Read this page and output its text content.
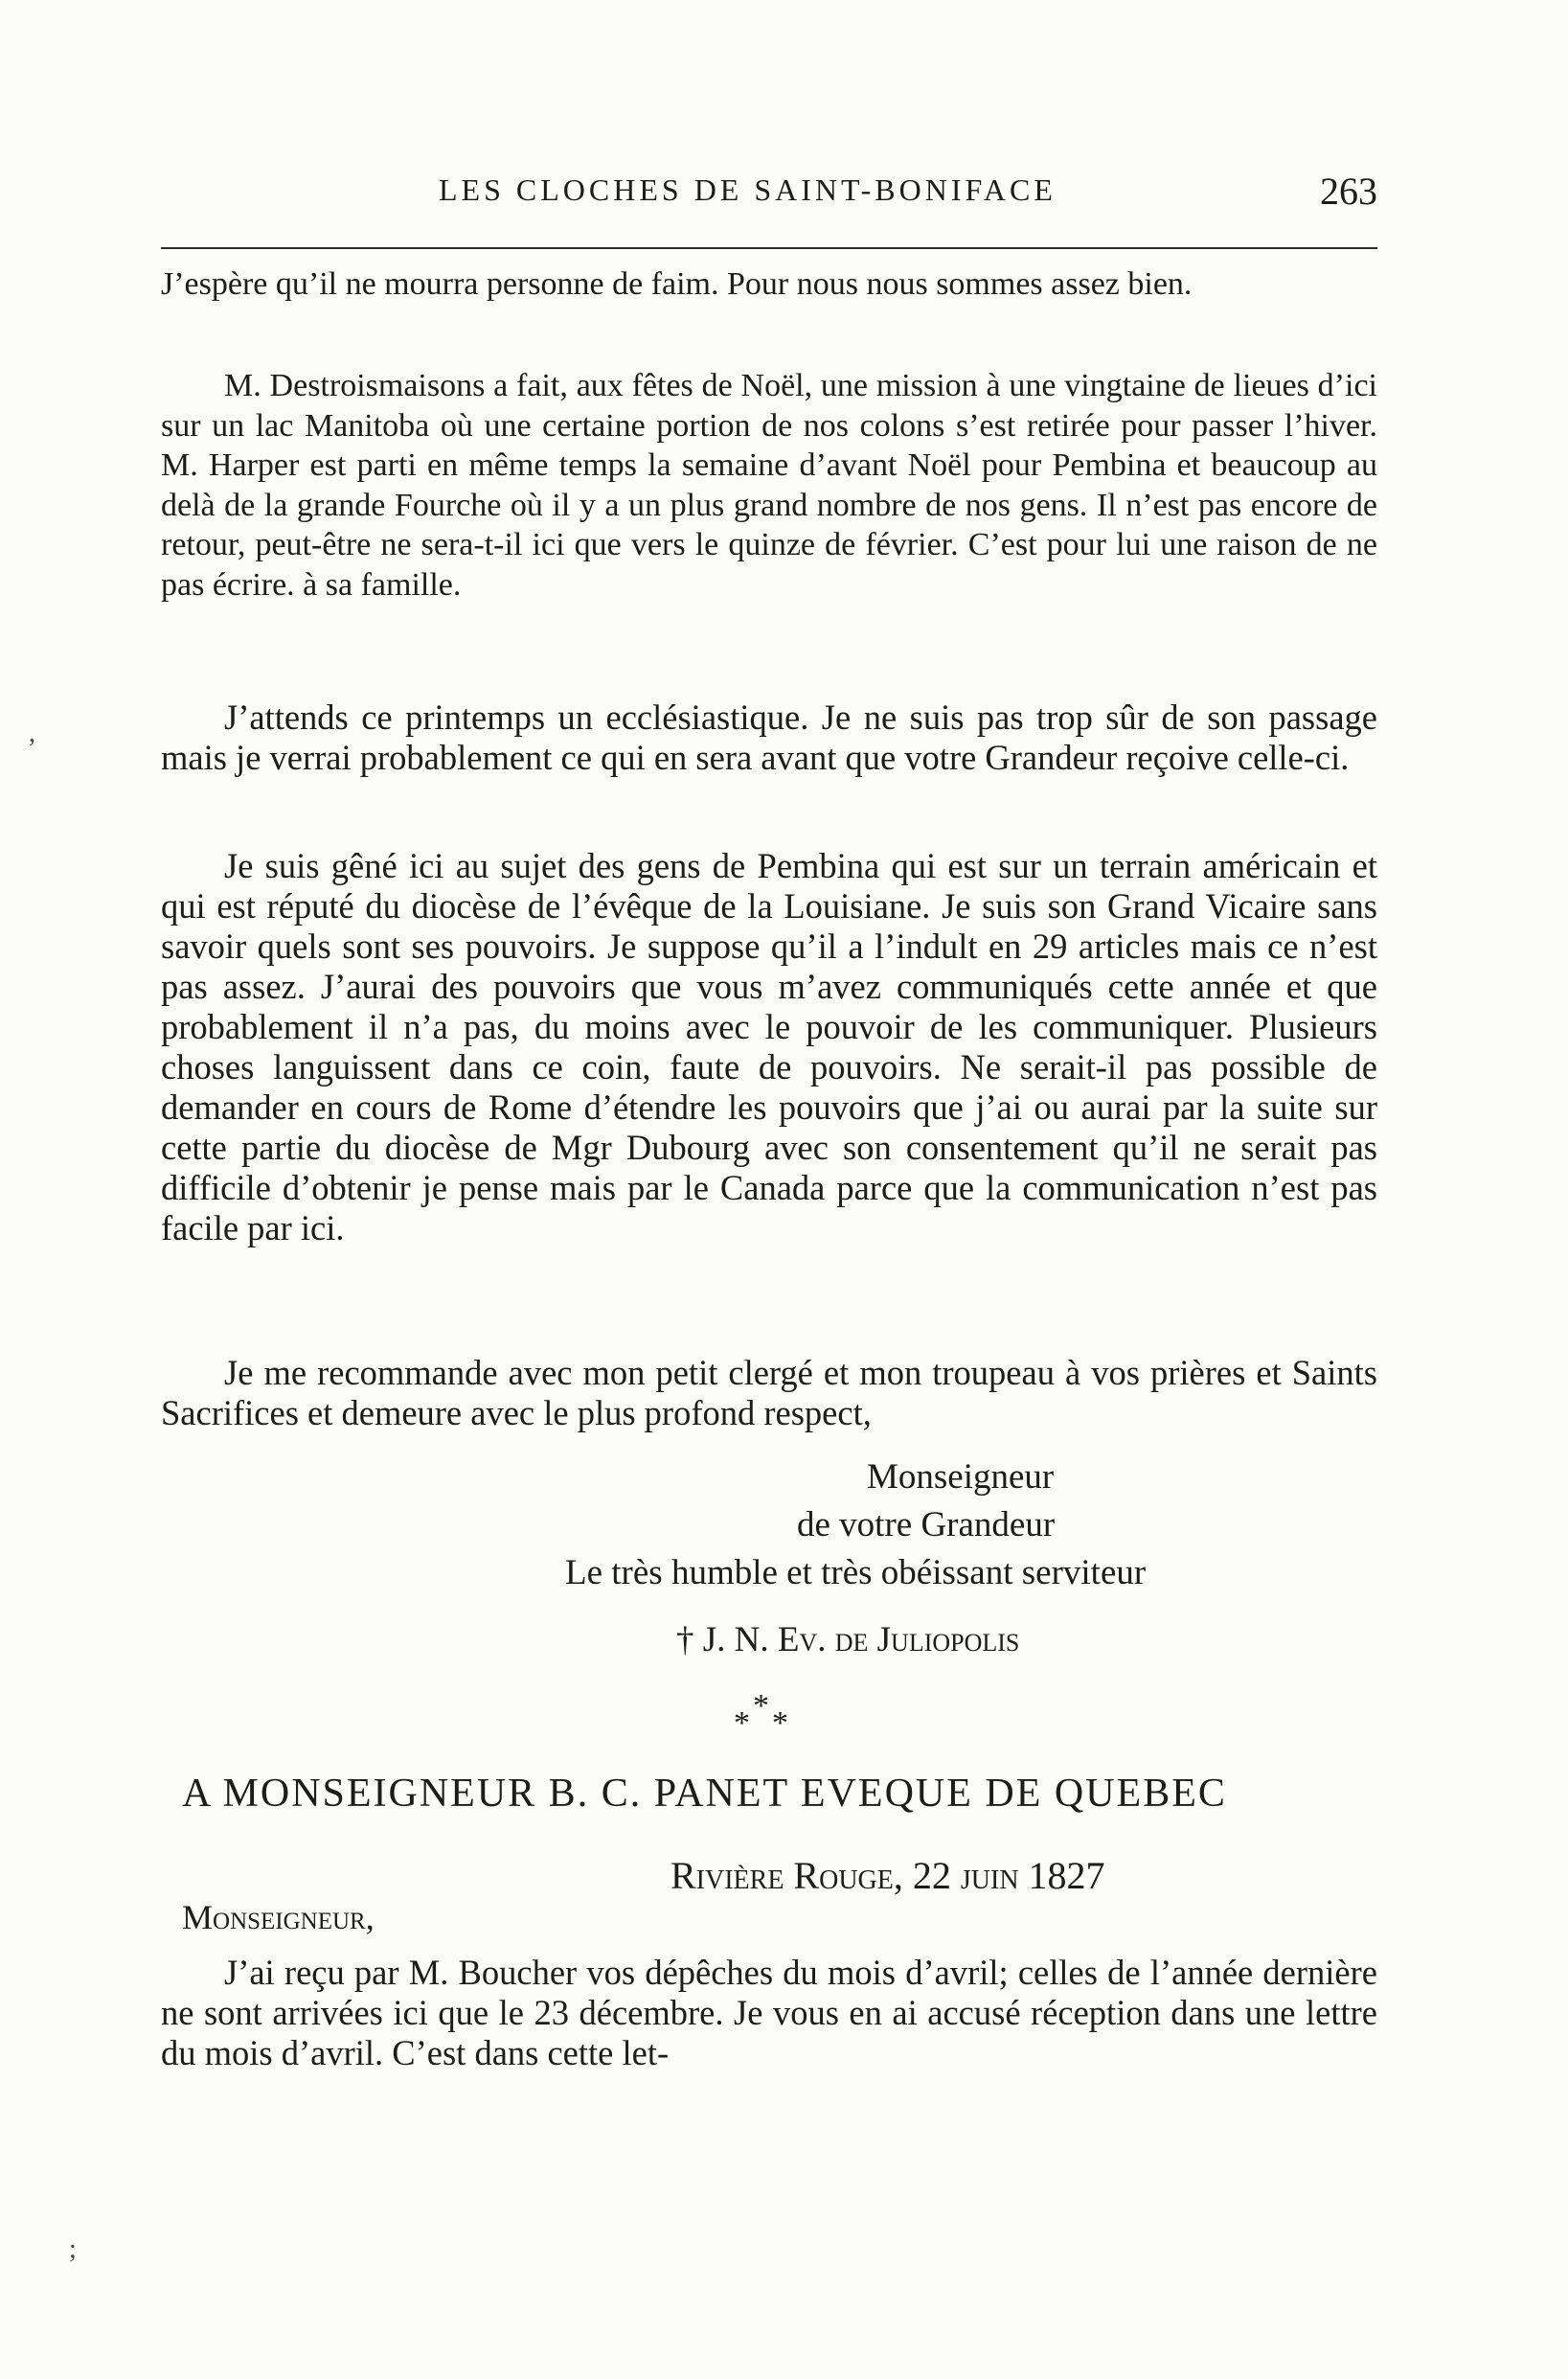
LES CLOCHES DE SAINT-BONIFACE	263

J’espère qu’il ne mourra personne de faim. Pour nous nous sommes assez bien.

M. Destroismaisons a fait, aux fêtes de Noël, une mission à une vingtaine de lieues d’ici sur un lac Manitoba où une certaine portion de nos colons s’est retirée pour passer l’hiver. M. Harper est parti en même temps la semaine d’avant Noël pour Pembina et beaucoup au delà de la grande Fourche où il y a un plus grand nombre de nos gens. Il n’est pas encore de retour, peut-être ne sera-t-il ici que vers le quinze de février. C’est pour lui une raison de ne pas écrire. à sa famille.

J’attends ce printemps un ecclésiastique. Je ne suis pas trop sûr de son passage mais je verrai probablement ce qui en sera avant que votre Grandeur reçoive celle-ci.

Je suis gêné ici au sujet des gens de Pembina qui est sur un terrain américain et qui est réputé du diocèse de l’évêque de la Louisiane. Je suis son Grand Vicaire sans savoir quels sont ses pouvoirs. Je suppose qu’il a l’indult en 29 articles mais ce n’est pas assez. J’aurai des pouvoirs que vous m’avez communiqués cette année et que probablement il n’a pas, du moins avec le pouvoir de les communiquer. Plusieurs choses languissent dans ce coin, faute de pouvoirs. Ne serait-il pas possible de demander en cours de Rome d’étendre les pouvoirs que j’ai ou aurai par la suite sur cette partie du diocèse de Mgr Dubourg avec son consentement qu’il ne serait pas difficile d’obtenir je pense mais par le Canada parce que la communication n’est pas facile par ici.

Je me recommande avec mon petit clergé et mon troupeau à vos prières et Saints Sacrifices et demeure avec le plus profond respect,

Monseigneur
de votre Grandeur
Le très humble et très obéissant serviteur
† J. N. Ev. de Juliopolis
*
* *
A MONSEIGNEUR B. C. PANET EVEQUE DE QUEBEC
Rivière Rouge, 22 juin 1827
Monseigneur,

J’ai reçu par M. Boucher vos dépêches du mois d’avril; celles de l’année dernière ne sont arrivées ici que le 23 décembre. Je vous en ai accusé réception dans une lettre du mois d’avril. C’est dans cette let-

,
;
